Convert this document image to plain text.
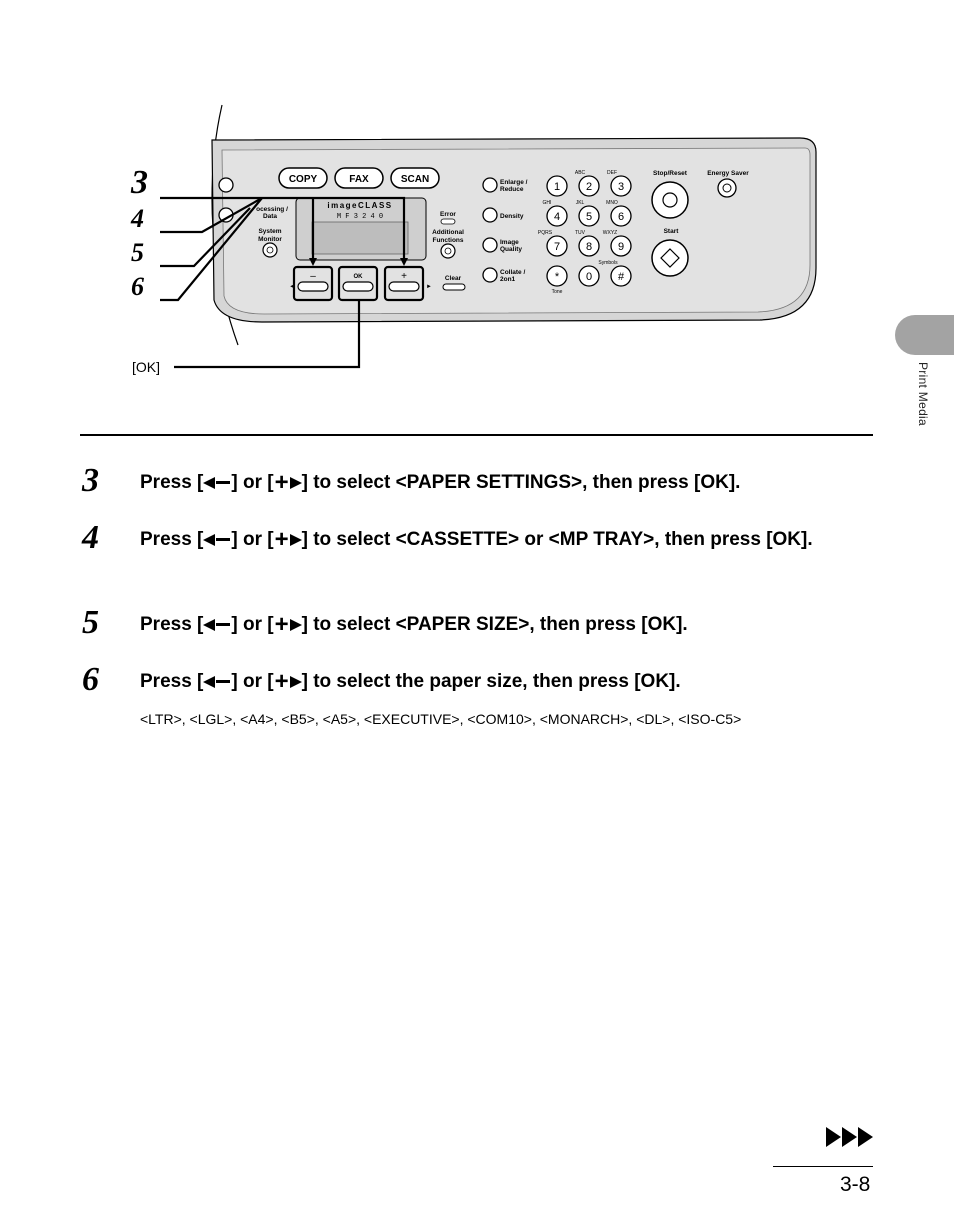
COPY	FAX	SCAN
ocessing /
Data
System
Monitor
imageCLASS
M F 3 2 4 0	Error
Additional
Functions
◄
–	OK	+
►
Clear
Enlarge /
Reduce
Density
Image
Quality
Collate /
2on1
ABC	DEF
1 2 3
GHI	JKL	MNO
4 5 6
PQRS	TUV	WXYZ
7 8 9
Symbols
* 0 #
Tone
Stop/Reset	Energy Saver
Start
3
4
5
6
[OK]	Print Media
3 Press [ ] or [+ ] to select <PAPER SETTINGS>, then press [OK].
4 Press [ ] or [+ ] to select <CASSETTE> or <MP TRAY>, then press [OK].
5 Press [ ] or [+ ] to select <PAPER SIZE>, then press [OK].
6 Press [ ] or [+ ] to select the paper size, then press [OK].
<LTR>, <LGL>, <A4>, <B5>, <A5>, <EXECUTIVE>, <COM10>, <MONARCH>, <DL>, <ISO-C5>
3-8
